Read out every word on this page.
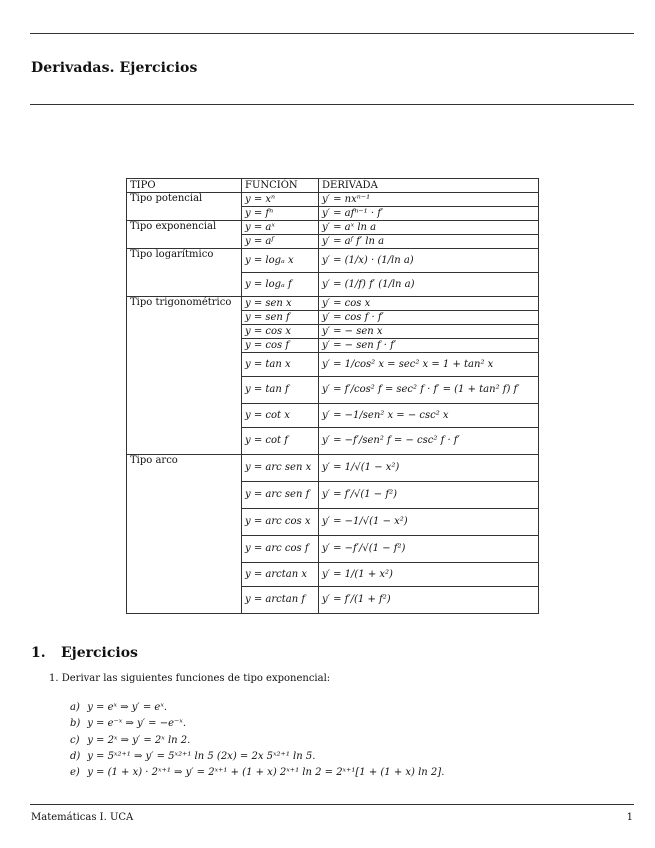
Derivadas. Ejercicios
TIPO	FUNCIÓN	DERIVADA
Tipo potencial	y = xⁿ	y′ = nxⁿ⁻¹
	y = fⁿ	y′ = afⁿ⁻¹ · f′
Tipo exponencial	y = aˣ	y′ = aˣ ln a
	y = aᶠ	y′ = aᶠ f′ ln a
Tipo logarítmico	y = logₐ x	y′ = (1/x) · (1/ln a)
	y = logₐ f	y′ = (1/f) f′ (1/ln a)
Tipo trigonométrico	y = sen x	y′ = cos x
	y = sen f	y′ = cos f · f′
	y = cos x	y′ = − sen x
	y = cos f	y′ = − sen f · f′
	y = tan x	y′ = 1/cos² x = sec² x = 1 + tan² x
	y = tan f	y′ = f′/cos² f = sec² f · f′ = (1 + tan² f) f′
	y = cot x	y′ = −1/sen² x = − csc² x
	y = cot f	y′ = −f′/sen² f = − csc² f · f′
Tipo arco	y = arc sen x	y′ = 1/√(1 − x²)
	y = arc sen f	y′ = f′/√(1 − f²)
	y = arc cos x	y′ = −1/√(1 − x²)
	y = arc cos f	y′ = −f′/√(1 − f²)
	y = arctan x	y′ = 1/(1 + x²)
	y = arctan f	y′ = f′/(1 + f²)
1. Ejercicios
1. Derivar las siguientes funciones de tipo exponencial:
a) y = eˣ ⇒ y′ = eˣ.
b) y = e⁻ˣ ⇒ y′ = −e⁻ˣ.
c) y = 2ˣ ⇒ y′ = 2ˣ ln 2.
d) y = 5ˣ²⁺¹ ⇒ y′ = 5ˣ²⁺¹ ln 5 (2x) = 2x 5ˣ²⁺¹ ln 5.
e) y = (1 + x) · 2ˣ⁺¹ ⇒ y′ = 2ˣ⁺¹ + (1 + x) 2ˣ⁺¹ ln 2 = 2ˣ⁺¹[1 + (1 + x) ln 2].
Matemáticas I. UCA	1
